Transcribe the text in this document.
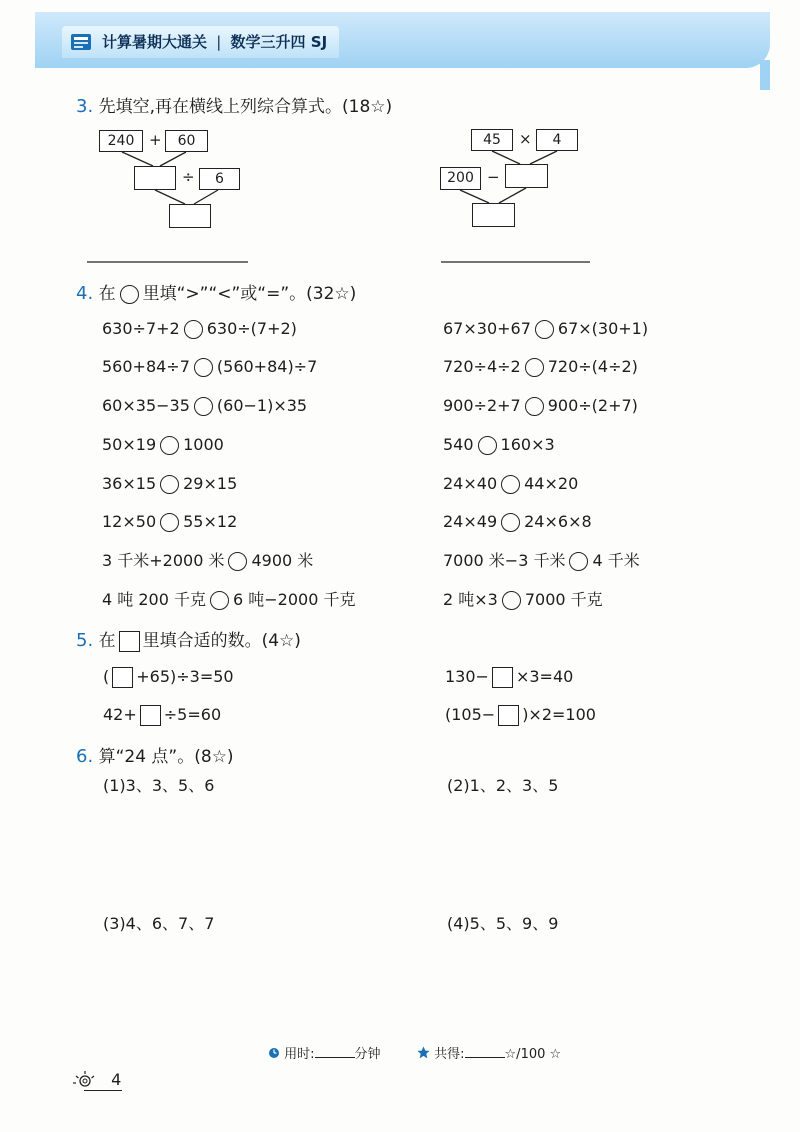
计算暑期大通关 | 数学三升四 SJ
3. 先填空,再在横线上列综合算式。(18☆)
240 +	60
÷	6
45	×	4
200 −
4. 在 里填“>”“<”或“=”。(32☆)
630÷7+2 630÷(7+2)	67×30+67 67×(30+1)
560+84÷7 (560+84)÷7	720÷4÷2 720÷(4÷2)
60×35−35 (60−1)×35	900÷2+7 900÷(2+7)
50×19 1000	540 160×3
36×15 29×15	24×40 44×20
12×50 55×12	24×49 24×6×8
3 千米+2000 米 4900 米	7000 米−3 千米 4 千米
4 吨 200 千克 6 吨−2000 千克	2 吨×3 7000 千克
5. 在 里填合适的数。(4☆)
( +65)÷3=50	130− ×3=40
42+ ÷5=60	(105− )×2=100
6. 算“24 点”。(8☆)
(1)3、3、5、6	(2)1、2、3、5
(3)4、6、7、7	(4)5、5、9、9
用时:	分钟	共得:	☆/100 ☆
4
